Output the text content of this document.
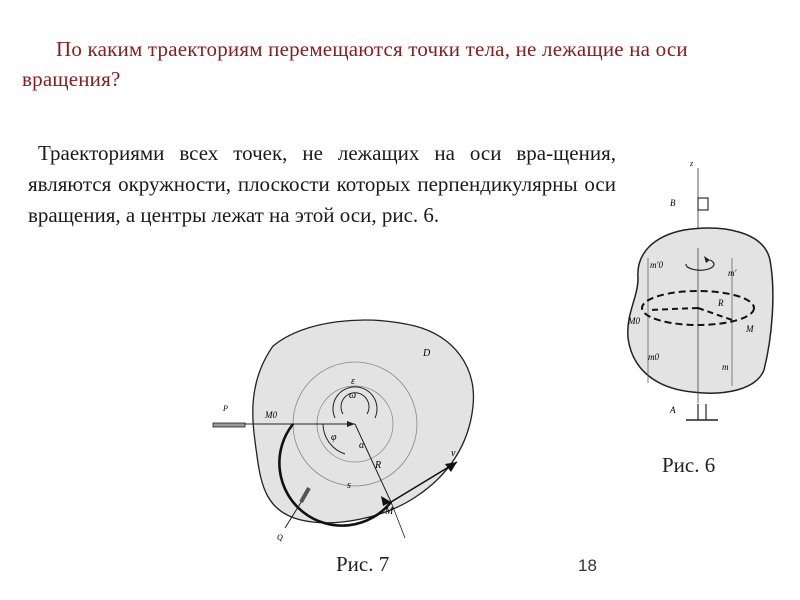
По каким траекториям перемещаются точки тела, не лежащие на оси вращения?
Траекториями всех точек, не лежащих на оси вра-щения, являются окружности, плоскости которых перпендикулярны оси вращения, а центры лежат на этой оси, рис. 6.
z
B
m′0
m′
R
M0
M
m0
m
A
D
P
M0
ε
ω
φ
α
R
s
v
M
Q
Рис. 6
Рис. 7	18
